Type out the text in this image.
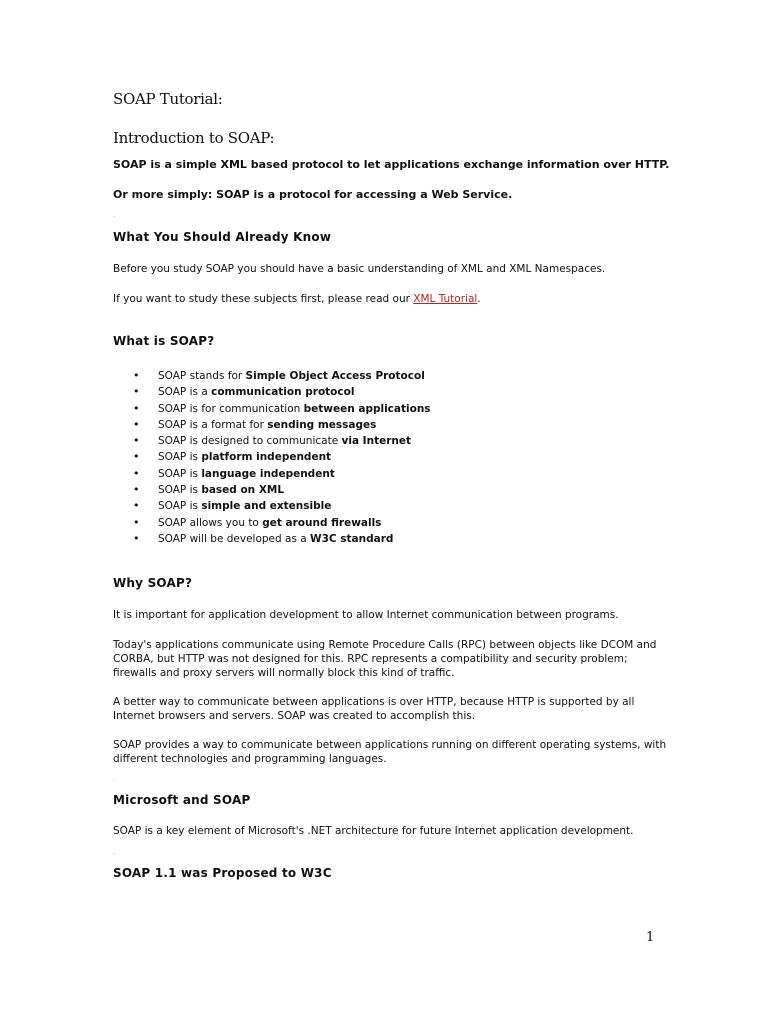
SOAP Tutorial:
Introduction to SOAP:

SOAP is a simple XML based protocol to let applications exchange information over HTTP.

Or more simply: SOAP is a protocol for accessing a Web Service.

.
What You Should Already Know

Before you study SOAP you should have a basic understanding of XML and XML Namespaces.

If you want to study these subjects first, please read our XML Tutorial.

What is SOAP?
• SOAP stands for Simple Object Access Protocol
• SOAP is a communication protocol
• SOAP is for communication between applications
• SOAP is a format for sending messages
• SOAP is designed to communicate via Internet
• SOAP is platform independent
• SOAP is language independent
• SOAP is based on XML
• SOAP is simple and extensible
• SOAP allows you to get around firewalls
• SOAP will be developed as a W3C standard
Why SOAP?

It is important for application development to allow Internet communication between programs.

Today's applications communicate using Remote Procedure Calls (RPC) between objects like DCOM and CORBA, but HTTP was not designed for this. RPC represents a compatibility and security problem; firewalls and proxy servers will normally block this kind of traffic.

A better way to communicate between applications is over HTTP, because HTTP is supported by all Internet browsers and servers. SOAP was created to accomplish this.

SOAP provides a way to communicate between applications running on different operating systems, with different technologies and programming languages.

.
Microsoft and SOAP

SOAP is a key element of Microsoft's .NET architecture for future Internet application development.

.
SOAP 1.1 was Proposed to W3C
1
